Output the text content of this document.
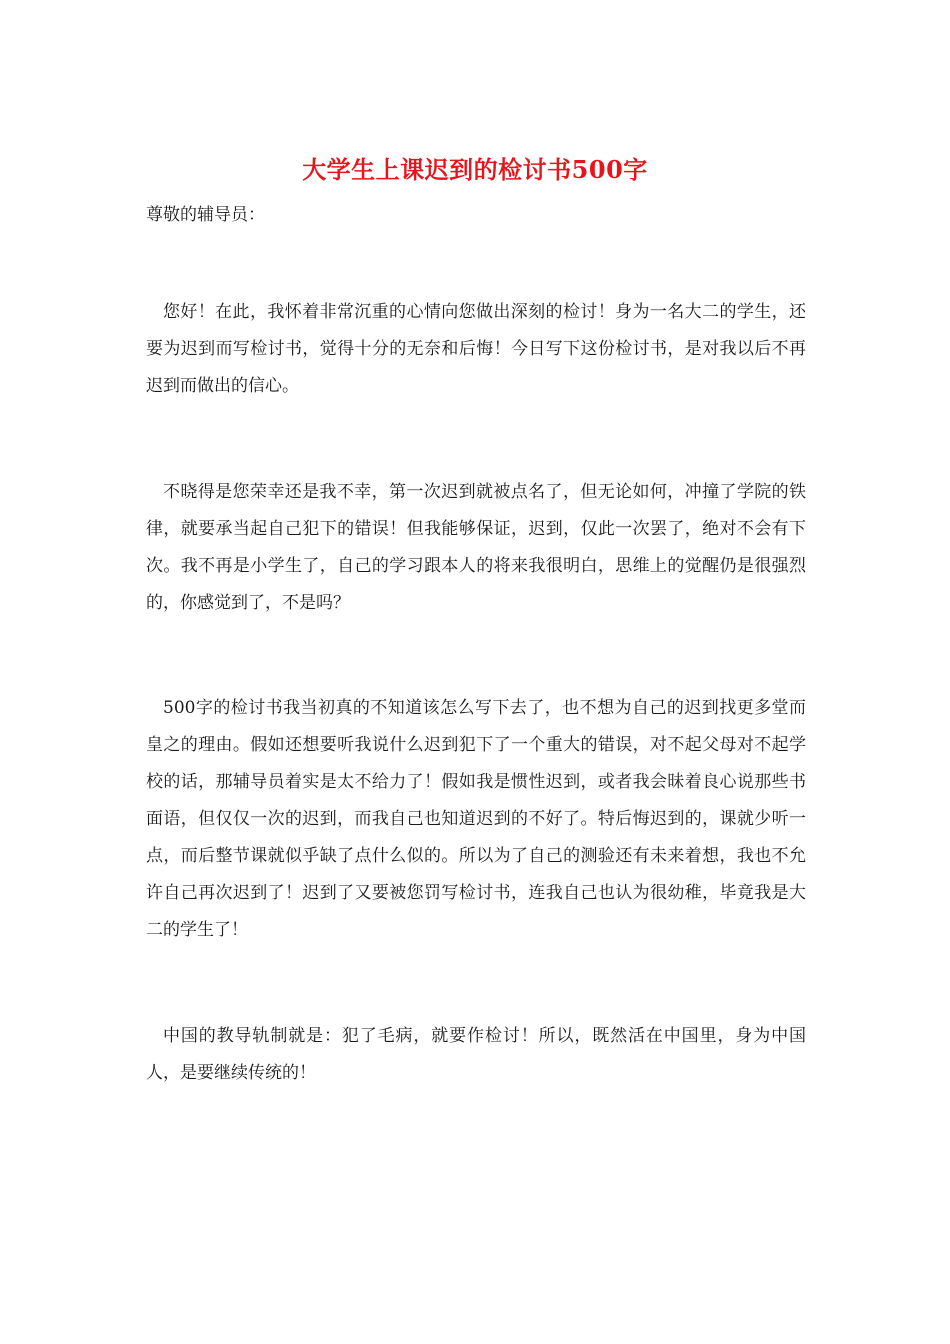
大学生上课迟到的检讨书500字

尊敬的辅导员：

您好！在此，我怀着非常沉重的心情向您做出深刻的检讨！身为一名大二的学生，还要为迟到而写检讨书，觉得十分的无奈和后悔！今日写下这份检讨书，是对我以后不再迟到而做出的信心。

不晓得是您荣幸还是我不幸，第一次迟到就被点名了，但无论如何，冲撞了学院的铁律，就要承当起自己犯下的错误！但我能够保证，迟到，仅此一次罢了，绝对不会有下次。我不再是小学生了，自己的学习跟本人的将来我很明白，思维上的觉醒仍是很强烈的，你感觉到了，不是吗？

500字的检讨书我当初真的不知道该怎么写下去了，也不想为自己的迟到找更多堂而皇之的理由。假如还想要听我说什么迟到犯下了一个重大的错误，对不起父母对不起学校的话，那辅导员着实是太不给力了！假如我是惯性迟到，或者我会昧着良心说那些书面语，但仅仅一次的迟到，而我自己也知道迟到的不好了。特后悔迟到的，课就少听一点，而后整节课就似乎缺了点什么似的。所以为了自己的测验还有未来着想，我也不允许自己再次迟到了！迟到了又要被您罚写检讨书，连我自己也认为很幼稚，毕竟我是大二的学生了！

中国的教导轨制就是：犯了毛病，就要作检讨！所以，既然活在中国里，身为中国人，是要继续传统的！
